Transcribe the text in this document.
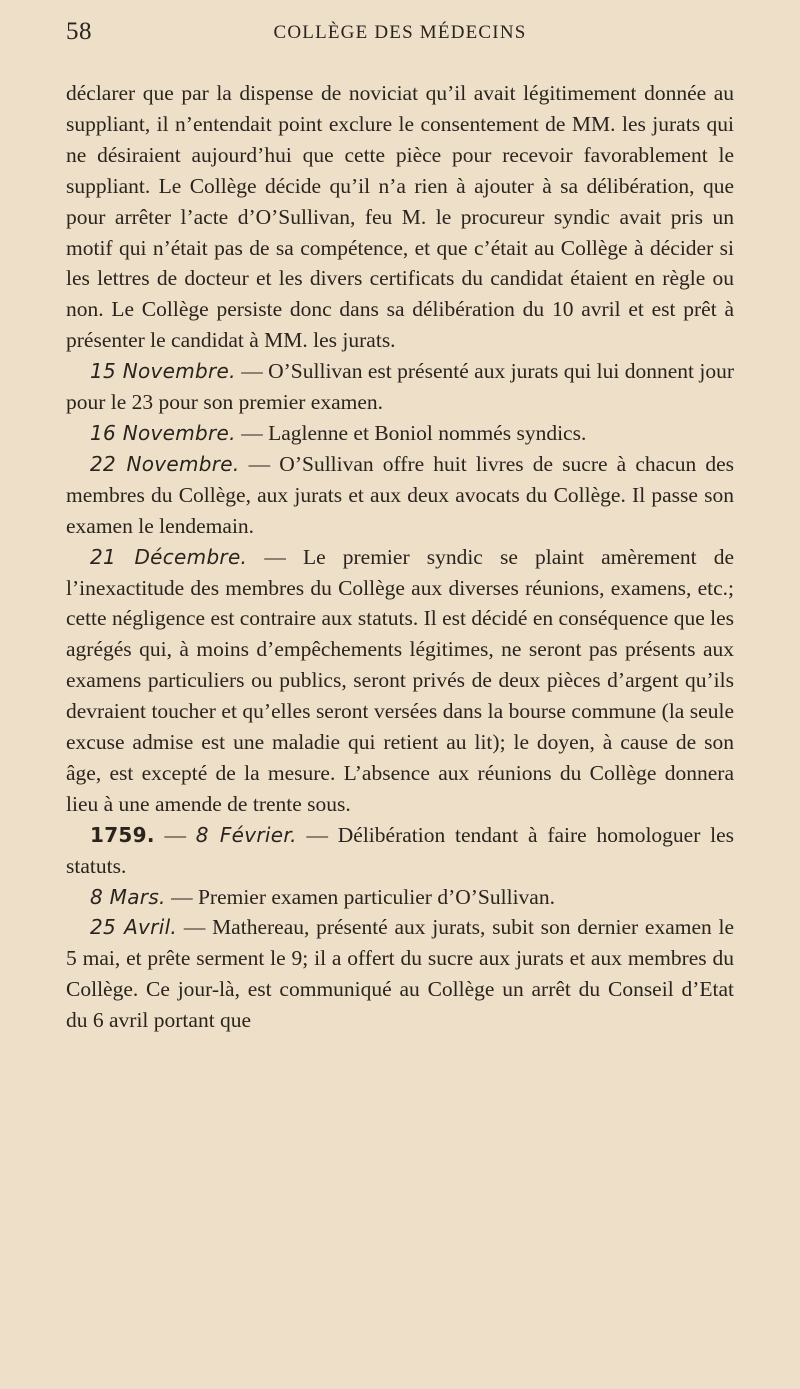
58	COLLÈGE DES MÉDECINS

déclarer que par la dispense de noviciat qu’il avait légitimement donnée au suppliant, il n’entendait point exclure le consentement de MM. les jurats qui ne désiraient aujourd’hui que cette pièce pour recevoir favorablement le suppliant. Le Collège décide qu’il n’a rien à ajouter à sa délibération, que pour arrêter l’acte d’O’Sullivan, feu M. le procureur syndic avait pris un motif qui n’était pas de sa compétence, et que c’était au Collège à décider si les lettres de docteur et les divers certificats du candidat étaient en règle ou non. Le Collège persiste donc dans sa délibération du 10 avril et est prêt à présenter le candidat à MM. les jurats.

15 Novembre. — O’Sullivan est présenté aux jurats qui lui donnent jour pour le 23 pour son premier examen.

16 Novembre. — Laglenne et Boniol nommés syndics.

22 Novembre. — O’Sullivan offre huit livres de sucre à chacun des membres du Collège, aux jurats et aux deux avocats du Collège. Il passe son examen le lendemain.

21 Décembre. — Le premier syndic se plaint amèrement de l’inexactitude des membres du Collège aux diverses réunions, examens, etc.; cette négligence est contraire aux statuts. Il est décidé en conséquence que les agrégés qui, à moins d’empêchements légitimes, ne seront pas présents aux examens particuliers ou publics, seront privés de deux pièces d’argent qu’ils devraient toucher et qu’elles seront versées dans la bourse commune (la seule excuse admise est une maladie qui retient au lit); le doyen, à cause de son âge, est excepté de la mesure. L’absence aux réunions du Collège donnera lieu à une amende de trente sous.

1759. — 8 Février. — Délibération tendant à faire homologuer les statuts.

8 Mars. — Premier examen particulier d’O’Sullivan.

25 Avril. — Mathereau, présenté aux jurats, subit son dernier examen le 5 mai, et prête serment le 9; il a offert du sucre aux jurats et aux membres du Collège. Ce jour-là, est communiqué au Collège un arrêt du Conseil d’Etat du 6 avril portant que
